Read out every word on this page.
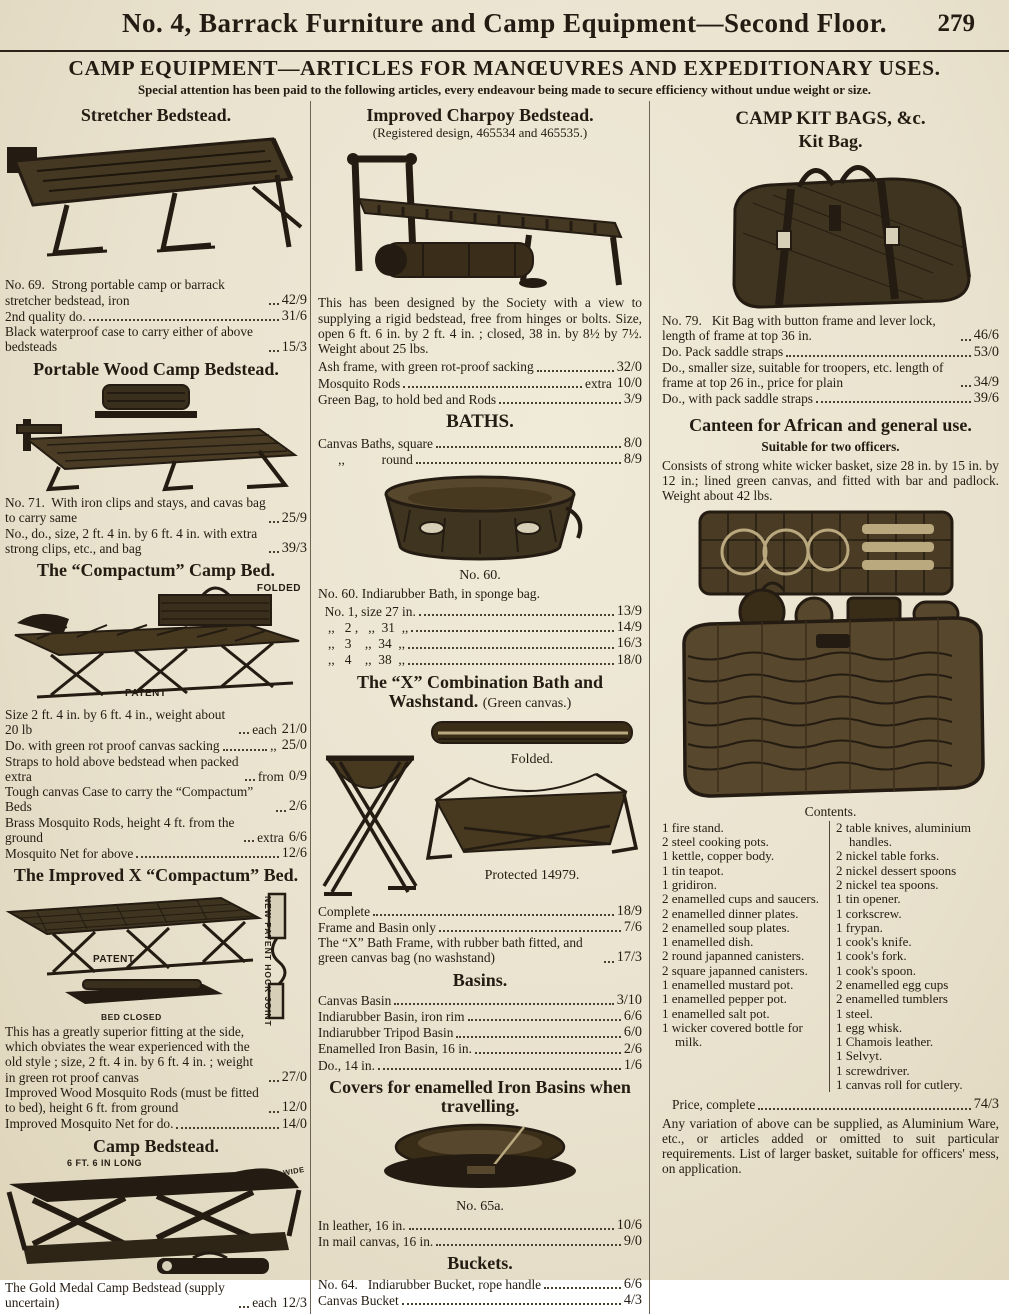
No. 4, Barrack Furniture and Camp Equipment—Second Floor.	279
CAMP EQUIPMENT—ARTICLES FOR MANŒUVRES AND EXPEDITIONARY USES.
Special attention has been paid to the following articles, every endeavour being made to secure efficiency without undue weight or size.
Stretcher Bedstead.
No. 69.  Strong portable camp or barrack stretcher bedstead, iron	42/9
2nd quality do.	31/6
Black waterproof case to carry either of above bedsteads	15/3
Portable Wood Camp Bedstead.
No. 71.  With iron clips and stays, and cavas bag to carry same	25/9
No., do., size, 2 ft. 4 in. by 6 ft. 4 in. with extra strong clips, etc., and bag	39/3
The “Compactum” Camp Bed.
FOLDED
PATENT
Size 2 ft. 4 in. by 6 ft. 4 in., weight about 20 lb	each 21/0
Do. with green rot proof canvas sacking	,, 25/0
Straps to hold above bedstead when packed extra	from 0/9
Tough canvas Case to carry the “Compactum” Beds	2/6
Brass Mosquito Rods, height 4 ft. from the ground	extra 6/6
Mosquito Net for above	12/6
The Improved X “Compactum” Bed.
PATENT
BED CLOSED	NEW PATENT HOCK JOINT
This has a greatly superior fitting at the side, which obviates the wear experienced with the old style ; size, 2 ft. 4 in. by 6 ft. 4 in. ; weight  in green rot proof canvas	27/0
Improved Wood Mosquito Rods (must be fitted to bed), height 6 ft. from ground	12/0
Improved Mosquito Net for do.	14/0
Camp Bedstead.
6 FT. 6 IN LONG
2 FT 4 IN WIDE
The Gold Medal Camp Bedstead (supply uncertain)	each 12/3
Improved Charpoy Bedstead.
(Registered design, 465534 and 465535.)

This has been designed by the Society with a view to supplying a rigid bedstead, free from hinges or bolts. Size, open 6 ft. 6 in. by 2 ft. 4 in. ; closed, 38 in. by 8½ by 7½. Weight about 25 lbs.

Ash frame, with green rot-proof sacking	32/0
Mosquito Rods	extra 10/0
Green Bag, to hold bed and Rods	3/9
BATHS.
Canvas Baths, square	8/0
,,           round	8/9
No. 60.
No. 60. Indiarubber Bath, in sponge bag.
No. 1, size 27 in.	13/9
,,   2 ,   ,,  31  ,,	14/9
,,   3    ,,  34  ,,	16/3
,,   4    ,,  38  ,,	18/0
The “X” Combination Bath and Washstand. (Green canvas.)
Folded.
Protected 14979.
Complete	18/9
Frame and Basin only	7/6
The “X” Bath Frame, with rubber bath fitted, and green canvas bag (no washstand)	17/3
Basins.
Canvas Basin	3/10
Indiarubber Basin, iron rim	6/6
Indiarubber Tripod Basin	6/0
Enamelled Iron Basin, 16 in.	2/6
Do., 14 in.	1/6
Covers for enamelled Iron Basins when travelling.
No. 65a.
In leather, 16 in.	10/6
In mail canvas, 16 in.	9/0
Buckets.
No. 64.   Indiarubber Bucket, rope handle	6/6
Canvas Bucket	4/3
CAMP KIT BAGS, &c.
Kit Bag.
No. 79.   Kit Bag with button frame and lever lock, length of frame at top 36 in.	46/6
Do. Pack saddle straps	53/0
Do., smaller size, suitable for troopers, etc. length of frame at top 26 in., price for plain	34/9
Do., with pack saddle straps	39/6
Canteen for African and general use.
Suitable for two officers.

Consists of strong white wicker basket, size 28 in. by 15 in. by 12 in.; lined green canvas, and fitted with bar and padlock. Weight about 42 lbs.

Contents.
1 fire stand.
2 steel cooking pots.
1 kettle, copper body.
1 tin teapot.
1 gridiron.
2 enamelled cups and saucers.
2 enamelled dinner plates.
2 enamelled soup plates.
1 enamelled dish.
2 round japanned canisters.
2 square japanned canisters.
1 enamelled mustard pot.
1 enamelled pepper pot.
1 enamelled salt pot.
1 wicker covered bottle for milk.
2 table knives, aluminium handles.
2 nickel table forks.
2 nickel dessert spoons
2 nickel tea spoons.
1 tin opener.
1 corkscrew.
1 frypan.
1 cook's knife.
1 cook's fork.
1 cook's spoon.
2 enamelled egg cups
2 enamelled tumblers
1 steel.
1 egg whisk.
1 Chamois leather.
1 Selvyt.
1 screwdriver.
1 canvas roll for cutlery.
Price, complete	74/3

Any variation of above can be supplied, as Aluminium Ware, etc., or articles added or omitted to suit particular requirements. List of larger basket, suitable for officers' mess, on application.
